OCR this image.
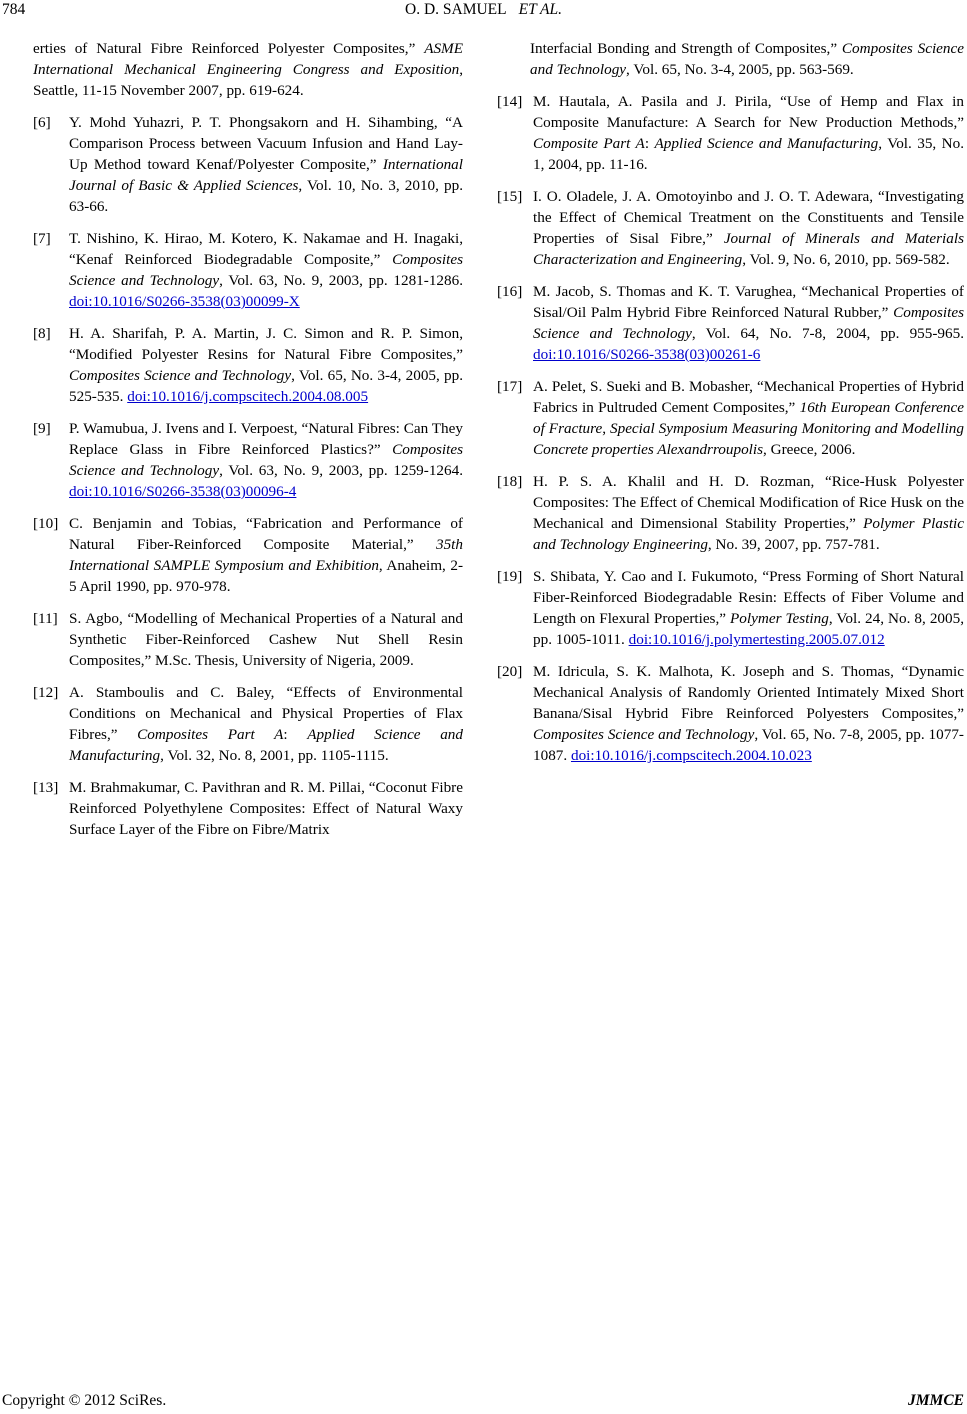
784	O. D. SAMUEL ET AL.
erties of Natural Fibre Reinforced Polyester Composites,” ASME International Mechanical Engineering Congress and Exposition, Seattle, 11-15 November 2007, pp. 619-624.
[6] Y. Mohd Yuhazri, P. T. Phongsakorn and H. Sihambing, “A Comparison Process between Vacuum Infusion and Hand Lay-Up Method toward Kenaf/Polyester Composite,” International Journal of Basic & Applied Sciences, Vol. 10, No. 3, 2010, pp. 63-66.
[7] T. Nishino, K. Hirao, M. Kotero, K. Nakamae and H. Inagaki, “Kenaf Reinforced Biodegradable Composite,” Composites Science and Technology, Vol. 63, No. 9, 2003, pp. 1281-1286. doi:10.1016/S0266-3538(03)00099-X
[8] H. A. Sharifah, P. A. Martin, J. C. Simon and R. P. Simon, “Modified Polyester Resins for Natural Fibre Composites,” Composites Science and Technology, Vol. 65, No. 3-4, 2005, pp. 525-535. doi:10.1016/j.compscitech.2004.08.005
[9] P. Wamubua, J. Ivens and I. Verpoest, “Natural Fibres: Can They Replace Glass in Fibre Reinforced Plastics?” Composites Science and Technology, Vol. 63, No. 9, 2003, pp. 1259-1264. doi:10.1016/S0266-3538(03)00096-4
[10] C. Benjamin and Tobias, “Fabrication and Performance of Natural Fiber-Reinforced Composite Material,” 35th International SAMPLE Symposium and Exhibition, Anaheim, 2-5 April 1990, pp. 970-978.
[11] S. Agbo, “Modelling of Mechanical Properties of a Natural and Synthetic Fiber-Reinforced Cashew Nut Shell Resin Composites,” M.Sc. Thesis, University of Nigeria, 2009.
[12] A. Stamboulis and C. Baley, “Effects of Environmental Conditions on Mechanical and Physical Properties of Flax Fibres,” Composites Part A: Applied Science and Manufacturing, Vol. 32, No. 8, 2001, pp. 1105-1115.
[13] M. Brahmakumar, C. Pavithran and R. M. Pillai, “Coconut Fibre Reinforced Polyethylene Composites: Effect of Natural Waxy Surface Layer of the Fibre on Fibre/Matrix
Interfacial Bonding and Strength of Composites,” Composites Science and Technology, Vol. 65, No. 3-4, 2005, pp. 563-569.
[14] M. Hautala, A. Pasila and J. Pirila, “Use of Hemp and Flax in Composite Manufacture: A Search for New Production Methods,” Composite Part A: Applied Science and Manufacturing, Vol. 35, No. 1, 2004, pp. 11-16.
[15] I. O. Oladele, J. A. Omotoyinbo and J. O. T. Adewara, “Investigating the Effect of Chemical Treatment on the Constituents and Tensile Properties of Sisal Fibre,” Journal of Minerals and Materials Characterization and Engineering, Vol. 9, No. 6, 2010, pp. 569-582.
[16] M. Jacob, S. Thomas and K. T. Varughea, “Mechanical Properties of Sisal/Oil Palm Hybrid Fibre Reinforced Natural Rubber,” Composites Science and Technology, Vol. 64, No. 7-8, 2004, pp. 955-965. doi:10.1016/S0266-3538(03)00261-6
[17] A. Pelet, S. Sueki and B. Mobasher, “Mechanical Properties of Hybrid Fabrics in Pultruded Cement Composites,” 16th European Conference of Fracture, Special Symposium Measuring Monitoring and Modelling Concrete properties Alexandrroupolis, Greece, 2006.
[18] H. P. S. A. Khalil and H. D. Rozman, “Rice-Husk Polyester Composites: The Effect of Chemical Modification of Rice Husk on the Mechanical and Dimensional Stability Properties,” Polymer Plastic and Technology Engineering, No. 39, 2007, pp. 757-781.
[19] S. Shibata, Y. Cao and I. Fukumoto, “Press Forming of Short Natural Fiber-Reinforced Biodegradable Resin: Effects of Fiber Volume and Length on Flexural Properties,” Polymer Testing, Vol. 24, No. 8, 2005, pp. 1005-1011. doi:10.1016/j.polymertesting.2005.07.012
[20] M. Idricula, S. K. Malhota, K. Joseph and S. Thomas, “Dynamic Mechanical Analysis of Randomly Oriented Intimately Mixed Short Banana/Sisal Hybrid Fibre Reinforced Polyesters Composites,” Composites Science and Technology, Vol. 65, No. 7-8, 2005, pp. 1077-1087. doi:10.1016/j.compscitech.2004.10.023
Copyright © 2012 SciRes.	JMMCE
